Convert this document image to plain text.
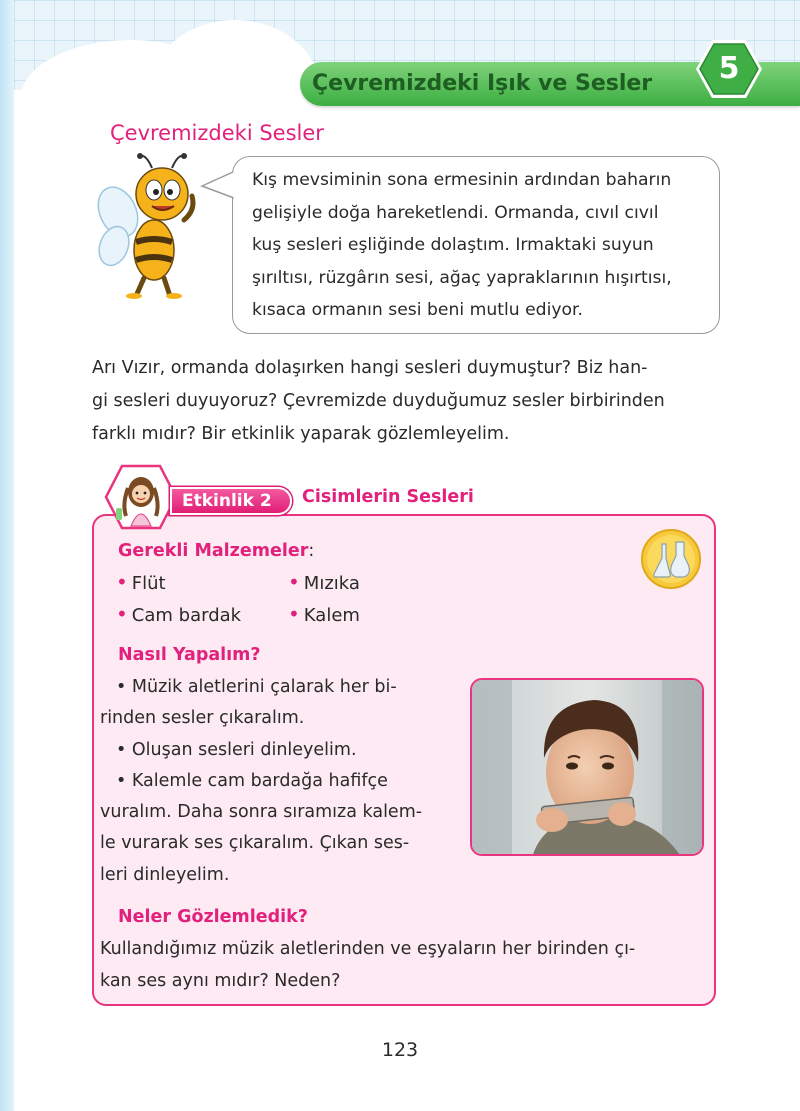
Çevremizdeki Işık ve Sesler	5
Çevremizdeki Sesler
Kış mevsiminin sona ermesinin ardından baharın
gelişiyle doğa hareketlendi. Ormanda, cıvıl cıvıl
kuş sesleri eşliğinde dolaştım. Irmaktaki suyun
şırıltısı, rüzgârın sesi, ağaç yapraklarının hışırtısı,
kısaca ormanın sesi beni mutlu ediyor.
Arı Vızır, ormanda dolaşırken hangi sesleri duymuştur? Biz han-
gi sesleri duyuyoruz? Çevremizde duyduğumuz sesler birbirinden
farklı mıdır? Bir etkinlik yaparak gözlemleyelim.
Etkinlik 2	Cisimlerin Sesleri
Gerekli Malzemeler:
• Flüt	• Mızıka
• Cam bardak • Kalem
Nasıl Yapalım?
• Müzik aletlerini çalarak her bi-
rinden sesler çıkaralım.
• Oluşan sesleri dinleyelim.
• Kalemle cam bardağa hafifçe
vuralım. Daha sonra sıramıza kalem-
le vurarak ses çıkaralım. Çıkan ses-
leri dinleyelim.
Neler Gözlemledik?
Kullandığımız müzik aletlerinden ve eşyaların her birinden çı-
kan ses aynı mıdır? Neden?
123
